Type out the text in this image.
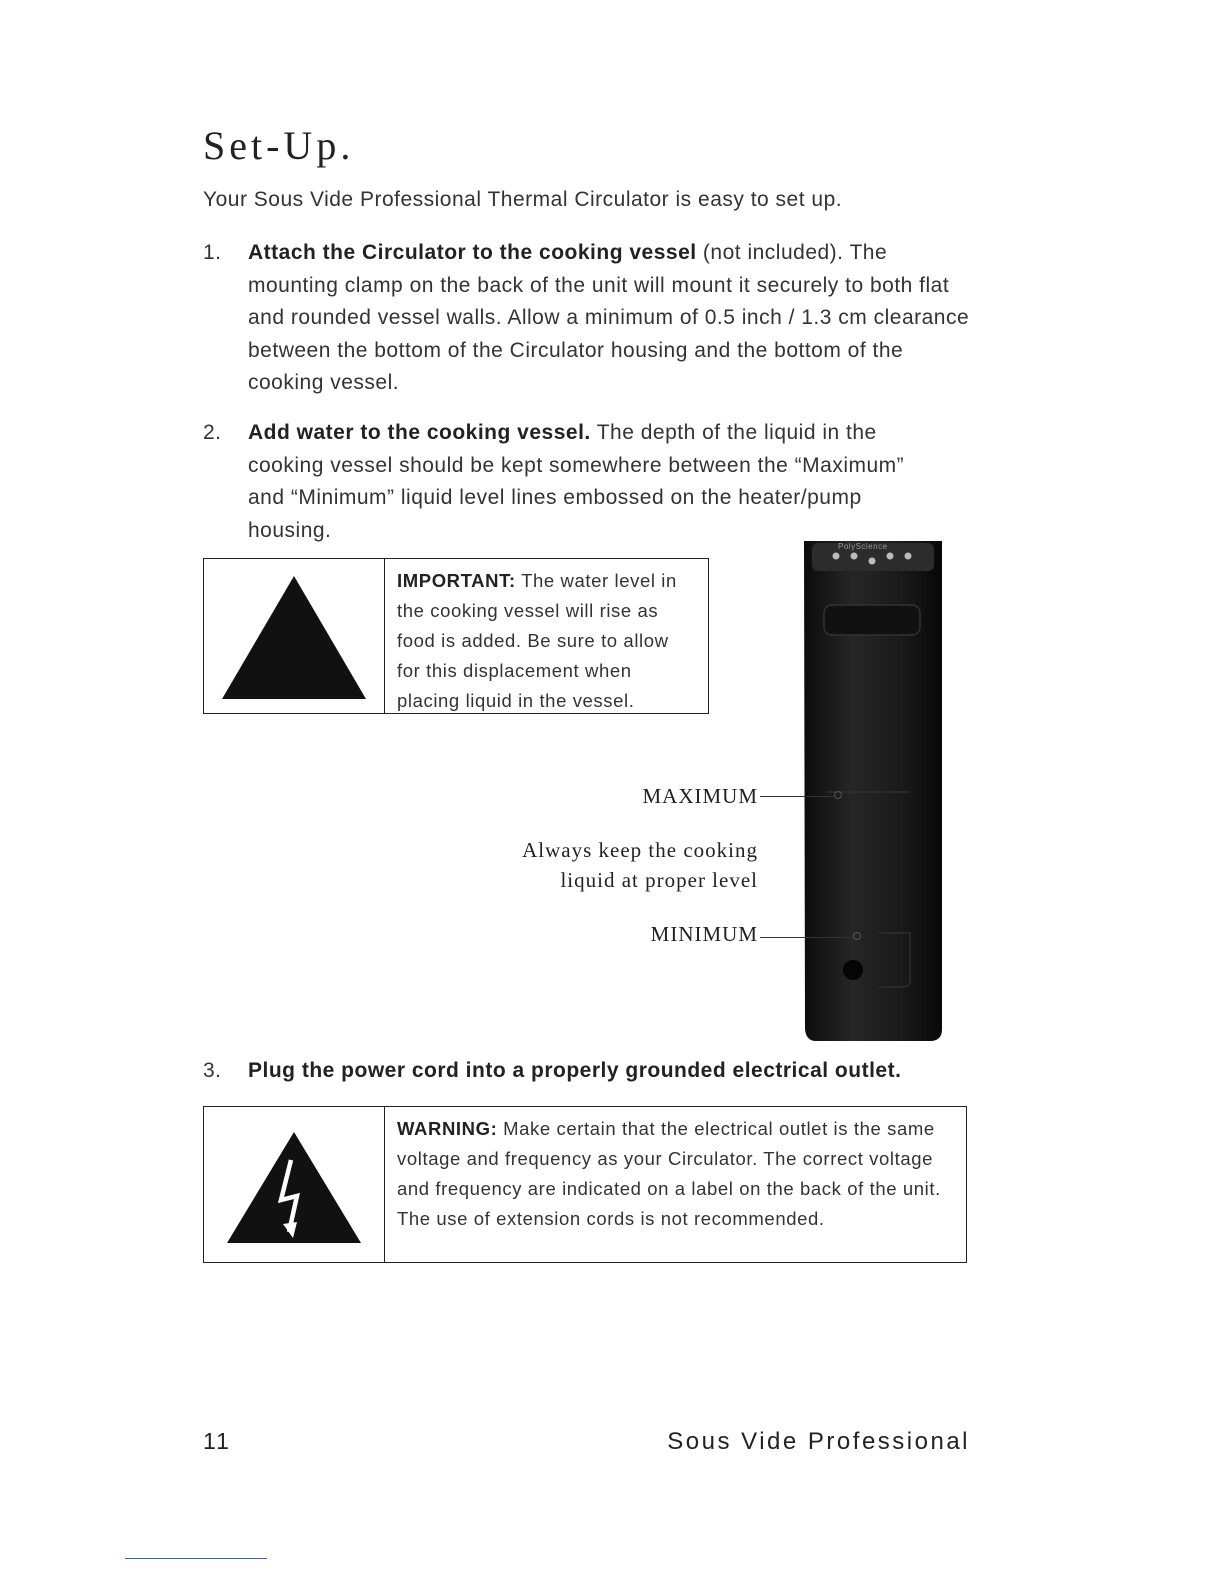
Set-Up.
Your Sous Vide Professional Thermal Circulator is easy to set up.
1. Attach the Circulator to the cooking vessel (not included). The mounting clamp on the back of the unit will mount it securely to both flat and rounded vessel walls. Allow a minimum of 0.5 inch / 1.3 cm clearance between the bottom of the Circulator housing and the bottom of the cooking vessel.
2. Add water to the cooking vessel. The depth of the liquid in the cooking vessel should be kept somewhere between the “Maximum” and “Minimum” liquid level lines embossed on the heater/pump housing.
IMPORTANT: The water level in the cooking vessel will rise as food is added. Be sure to allow for this displacement when placing liquid in the vessel.
PolyScience
MAXIMUM
Always keep the cooking
liquid at proper level
MINIMUM
3. Plug the power cord into a properly grounded electrical outlet.
WARNING: Make certain that the electrical outlet is the same voltage and frequency as your Circulator. The correct voltage and frequency are indicated on a label on the back of the unit. The use of extension cords is not recommended.
11	Sous Vide Professional
